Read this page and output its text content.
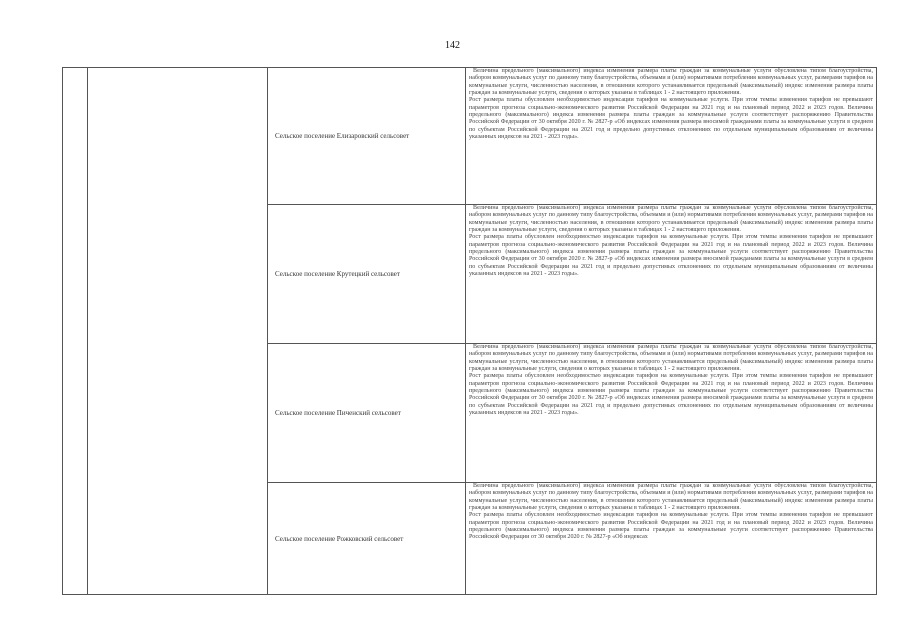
142
		Сельское поселение Елизаровский сельсовет	Величина предельного (максимального) индекса изменения размера платы граждан за коммунальные услуги обусловлена типом благоустройства, набором коммунальных услуг по данному типу благоустройства, объемами и (или) нормативами потребления коммунальных услуг, размерами тарифов на коммунальные услуги, численностью населения, в отношении которого устанавливается предельный (максимальный) индекс изменения размера платы граждан за коммунальные услуги, сведения о которых указаны в таблицах 1 - 2 настоящего приложения.

Рост размера платы обусловлен необходимостью индексации тарифов на коммунальные услуги. При этом темпы изменения тарифов не превышают параметров прогноза социально-экономического развития Российской Федерации на 2021 год и на плановый период 2022 и 2023 годов. Величина предельного (максимального) индекса изменения размера платы граждан за коммунальные услуги соответствует распоряжению Правительства Российской Федерации от 30 октября 2020 г. № 2827-р «Об индексах изменения размера вносимой гражданами платы за коммунальные услуги в среднем по субъектам Российской Федерации на 2021 год и предельно допустимых отклонениях по отдельным муниципальным образованиям от величины указанных индексов на 2021 - 2023 годы».

		Сельское поселение Крутецкий сельсовет	Величина предельного (максимального) индекса изменения размера платы граждан за коммунальные услуги обусловлена типом благоустройства, набором коммунальных услуг по данному типу благоустройства, объемами и (или) нормативами потребления коммунальных услуг, размерами тарифов на коммунальные услуги, численностью населения, в отношении которого устанавливается предельный (максимальный) индекс изменения размера платы граждан за коммунальные услуги, сведения о которых указаны в таблицах 1 - 2 настоящего приложения.

Рост размера платы обусловлен необходимостью индексации тарифов на коммунальные услуги. При этом темпы изменения тарифов не превышают параметров прогноза социально-экономического развития Российской Федерации на 2021 год и на плановый период 2022 и 2023 годов. Величина предельного (максимального) индекса изменения размера платы граждан за коммунальные услуги соответствует распоряжению Правительства Российской Федерации от 30 октября 2020 г. № 2827-р «Об индексах изменения размера вносимой гражданами платы за коммунальные услуги в среднем по субъектам Российской Федерации на 2021 год и предельно допустимых отклонениях по отдельным муниципальным образованиям от величины указанных индексов на 2021 - 2023 годы».

		Сельское поселение Пиченский сельсовет	Величина предельного (максимального) индекса изменения размера платы граждан за коммунальные услуги обусловлена типом благоустройства, набором коммунальных услуг по данному типу благоустройства, объемами и (или) нормативами потребления коммунальных услуг, размерами тарифов на коммунальные услуги, численностью населения, в отношении которого устанавливается предельный (максимальный) индекс изменения размера платы граждан за коммунальные услуги, сведения о которых указаны в таблицах 1 - 2 настоящего приложения.

Рост размера платы обусловлен необходимостью индексации тарифов на коммунальные услуги. При этом темпы изменения тарифов не превышают параметров прогноза социально-экономического развития Российской Федерации на 2021 год и на плановый период 2022 и 2023 годов. Величина предельного (максимального) индекса изменения размера платы граждан за коммунальные услуги соответствует распоряжению Правительства Российской Федерации от 30 октября 2020 г. № 2827-р «Об индексах изменения размера вносимой гражданами платы за коммунальные услуги в среднем по субъектам Российской Федерации на 2021 год и предельно допустимых отклонениях по отдельным муниципальным образованиям от величины указанных индексов на 2021 - 2023 годы».

		Сельское поселение Рожковский сельсовет	Величина предельного (максимального) индекса изменения размера платы граждан за коммунальные услуги обусловлена типом благоустройства, набором коммунальных услуг по данному типу благоустройства, объемами и (или) нормативами потребления коммунальных услуг, размерами тарифов на коммунальные услуги, численностью населения, в отношении которого устанавливается предельный (максимальный) индекс изменения размера платы граждан за коммунальные услуги, сведения о которых указаны в таблицах 1 - 2 настоящего приложения.

Рост размера платы обусловлен необходимостью индексации тарифов на коммунальные услуги. При этом темпы изменения тарифов не превышают параметров прогноза социально-экономического развития Российской Федерации на 2021 год и на плановый период 2022 и 2023 годов. Величина предельного (максимального) индекса изменения размера платы граждан за коммунальные услуги соответствует распоряжению Правительства Российской Федерации от 30 октября 2020 г. № 2827-р «Об индексах
